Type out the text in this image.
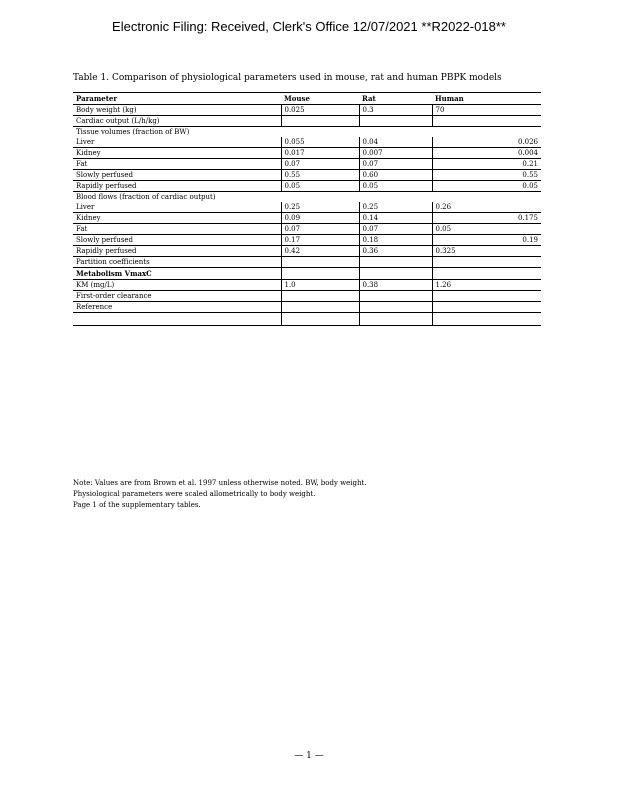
Electronic Filing: Received, Clerk's Office 12/07/2021 **R2022-018**
Table 1. Comparison of physiological parameters used in mouse, rat and human PBPK models
Parameter	Mouse	Rat	Human
Body weight (kg)	0.025	0.3	70
Cardiac output (L/h/kg)			
Tissue volumes (fraction of BW)			
Liver	0.055	0.04	0.026
Kidney	0.017	0.007	0.004
Fat	0.07	0.07	0.21
Slowly perfused	0.55	0.60	0.55
Rapidly perfused	0.05	0.05	0.05
Blood flows (fraction of cardiac output)			
Liver	0.25	0.25	0.26
Kidney	0.09	0.14	0.175
Fat	0.07	0.07	0.05
Slowly perfused	0.17	0.18	0.19
Rapidly perfused	0.42	0.36	0.325
Partition coefficients			
Metabolism VmaxC			
KM (mg/L)	1.0	0.38	1.26
First-order clearance			
Reference			

Note: Values are from Brown et al. 1997 unless otherwise noted. BW, body weight.
Physiological parameters were scaled allometrically to body weight.
Page 1 of the supplementary tables.
— 1 —
